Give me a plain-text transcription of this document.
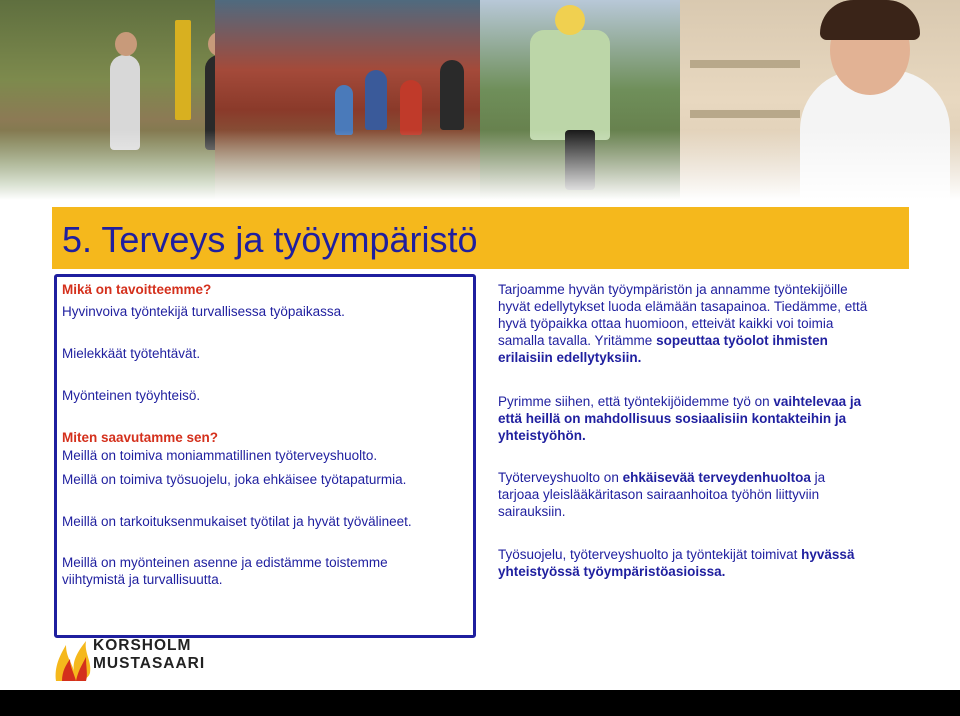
5. Terveys ja työympäristö
Mikä on tavoitteemme?
Hyvinvoiva työntekijä turvallisessa työpaikassa.
Mielekkäät työtehtävät.
Myönteinen työyhteisö.
Miten saavutamme sen?
Meillä on toimiva moniammatillinen työterveyshuolto.
Meillä on toimiva työsuojelu, joka ehkäisee työtapaturmia.
Meillä on tarkoituksenmukaiset työtilat ja hyvät työvälineet.
Meillä on myönteinen asenne ja edistämme toistemme
viihtymistä ja turvallisuutta.
Tarjoamme hyvän työympäristön ja annamme työntekijöille
hyvät edellytykset luoda elämään tasapainoa. Tiedämme, että
hyvä työpaikka ottaa huomioon, etteivät kaikki voi toimia
samalla tavalla. Yritämme sopeuttaa työolot ihmisten
erilaisiin edellytyksiin.
Pyrimme siihen, että työntekijöidemme työ on vaihtelevaa ja
että heillä on mahdollisuus sosiaalisiin kontakteihin ja
yhteistyöhön.
Työterveyshuolto on ehkäisevää terveydenhuoltoa ja
tarjoaa yleislääkäritason sairaanhoitoa työhön liittyviin
sairauksiin.
Työsuojelu, työterveyshuolto ja työntekijät toimivat hyvässä
yhteistyössä työympäristöasioissa.
KORSHOLM
MUSTASAARI
